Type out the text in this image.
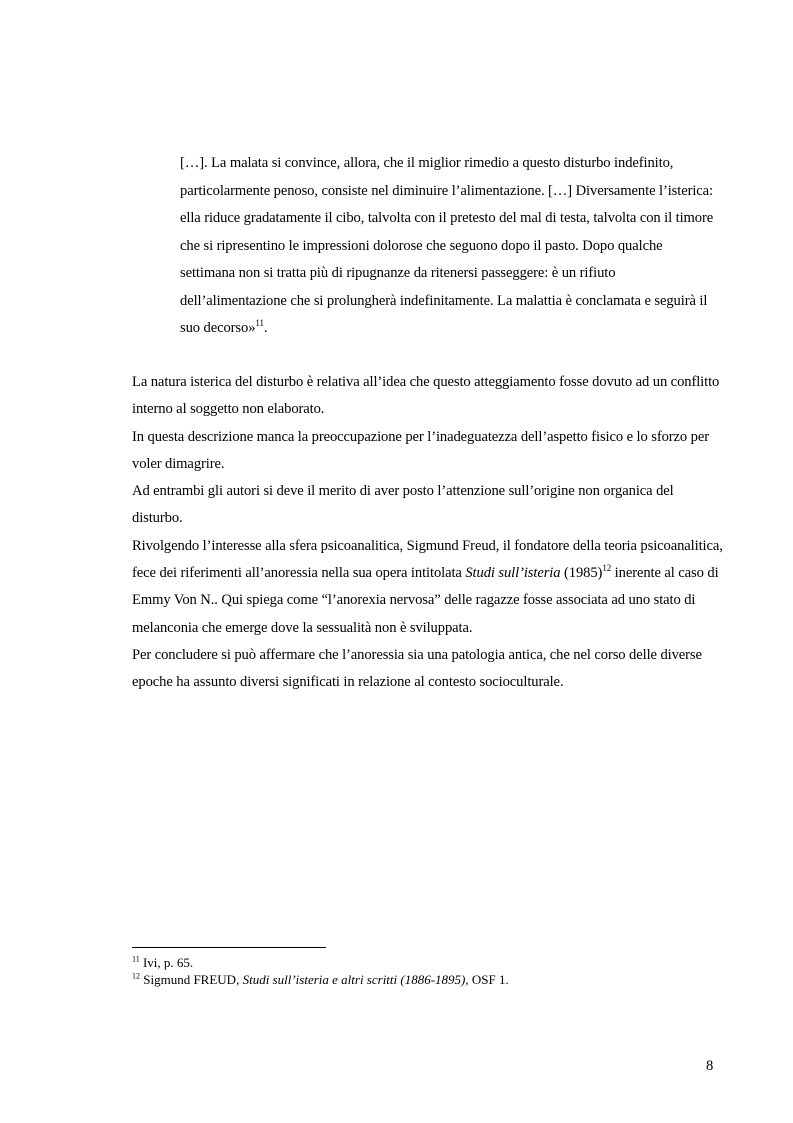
[…]. La malata si convince, allora, che il miglior rimedio a questo disturbo indefinito, particolarmente penoso, consiste nel diminuire l’alimentazione. […] Diversamente l’isterica: ella riduce gradatamente il cibo, talvolta con il pretesto del mal di testa, talvolta con il timore che si ripresentino le impressioni dolorose che seguono dopo il pasto. Dopo qualche settimana non si tratta più di ripugnanze da ritenersi passeggere: è un rifiuto dell’alimentazione che si prolungherà indefinitamente. La malattia è conclamata e seguirà il suo decorso»$^{11}$.

La natura isterica del disturbo è relativa all’idea che questo atteggiamento fosse dovuto ad un conflitto interno al soggetto non elaborato.

In questa descrizione manca la preoccupazione per l’inadeguatezza dell’aspetto fisico e lo sforzo per voler dimagrire.

Ad entrambi gli autori si deve il merito di aver posto l’attenzione sull’origine non organica del disturbo.

Rivolgendo l’interesse alla sfera psicoanalitica, Sigmund Freud, il fondatore della teoria psicoanalitica, fece dei riferimenti all’anoressia nella sua opera intitolata Studi sull’isteria $(1985)^{12}$ inerente al caso di Emmy Von N.. Qui spiega come “l’anorexia nervosa” delle ragazze fosse associata ad uno stato di melanconia che emerge dove la sessualità non è sviluppata.

Per concludere si può affermare che l’anoressia sia una patologia antica, che nel corso delle diverse epoche ha assunto diversi significati in relazione al contesto socioculturale.

$^{11}$ Ivi, p. 65.

$^{12}$ Sigmund FREUD, Studi sull’isteria e altri scritti (1886-1895), OSF 1.

8
